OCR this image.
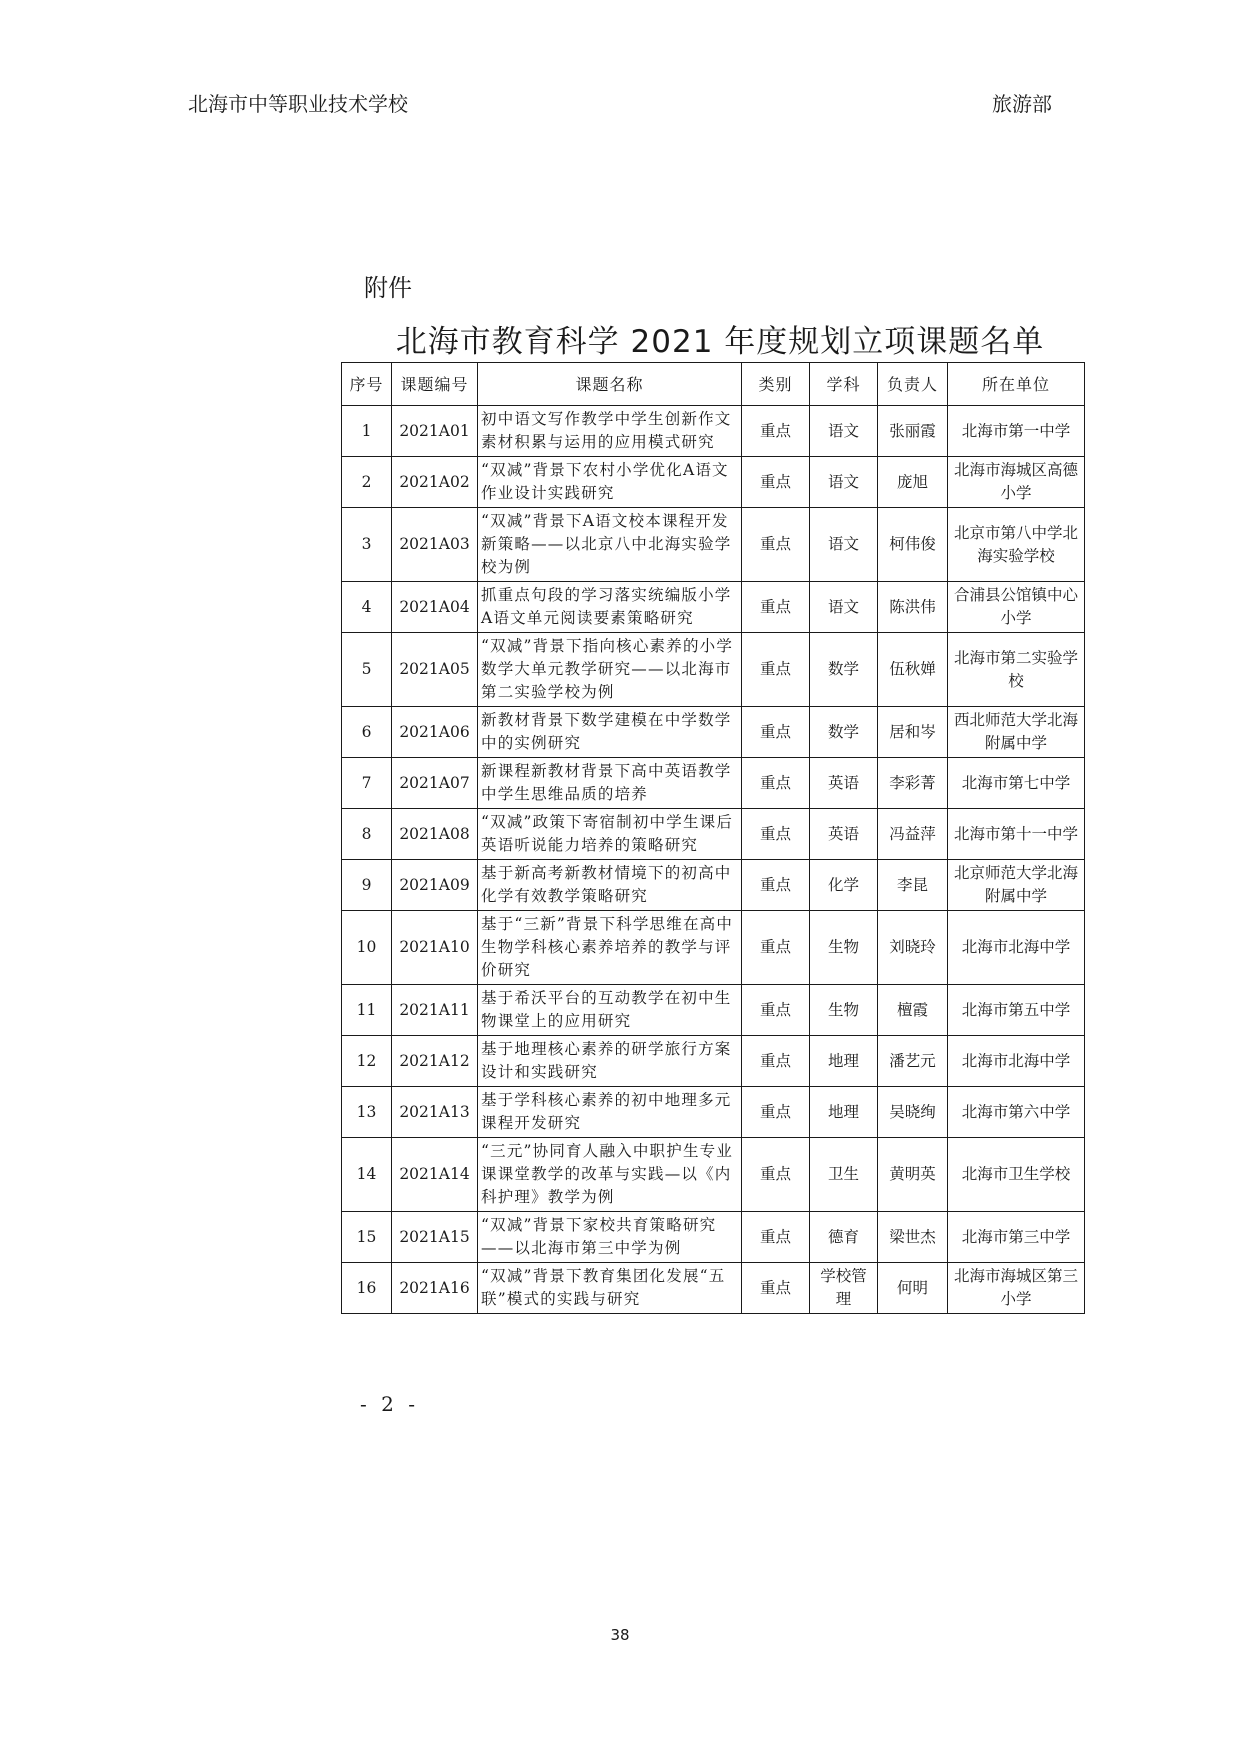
北海市中等职业技术学校	旅游部
附件
北海市教育科学 2021 年度规划立项课题名单
序号	课题编号	课题名称	类别	学科	负责人	所在单位
1	2021A01	初中语文写作教学中学生创新作文素材积累与运用的应用模式研究	重点	语文	张丽霞	北海市第一中学
2	2021A02	“双减”背景下农村小学优化A语文作业设计实践研究	重点	语文	庞旭	北海市海城区高德小学
3	2021A03	“双减”背景下A语文校本课程开发新策略——以北京八中北海实验学校为例	重点	语文	柯伟俊	北京市第八中学北海实验学校
4	2021A04	抓重点句段的学习落实统编版小学A语文单元阅读要素策略研究	重点	语文	陈洪伟	合浦县公馆镇中心小学
5	2021A05	“双减”背景下指向核心素养的小学数学大单元教学研究——以北海市第二实验学校为例	重点	数学	伍秋婵	北海市第二实验学校
6	2021A06	新教材背景下数学建模在中学数学中的实例研究	重点	数学	居和岑	西北师范大学北海附属中学
7	2021A07	新课程新教材背景下高中英语教学中学生思维品质的培养	重点	英语	李彩菁	北海市第七中学
8	2021A08	“双减”政策下寄宿制初中学生课后英语听说能力培养的策略研究	重点	英语	冯益萍	北海市第十一中学
9	2021A09	基于新高考新教材情境下的初高中化学有效教学策略研究	重点	化学	李昆	北京师范大学北海附属中学
10	2021A10	基于“三新”背景下科学思维在高中生物学科核心素养培养的教学与评价研究	重点	生物	刘晓玲	北海市北海中学
11	2021A11	基于希沃平台的互动教学在初中生物课堂上的应用研究	重点	生物	檀霞	北海市第五中学
12	2021A12	基于地理核心素养的研学旅行方案设计和实践研究	重点	地理	潘艺元	北海市北海中学
13	2021A13	基于学科核心素养的初中地理多元课程开发研究	重点	地理	吴晓绚	北海市第六中学
14	2021A14	“三元”协同育人融入中职护生专业课课堂教学的改革与实践—以《内科护理》教学为例	重点	卫生	黄明英	北海市卫生学校
15	2021A15	“双减”背景下家校共育策略研究——以北海市第三中学为例	重点	德育	梁世杰	北海市第三中学
16	2021A16	“双减”背景下教育集团化发展“五联”模式的实践与研究	重点	学校管理	何明	北海市海城区第三小学
- 2 -
38
